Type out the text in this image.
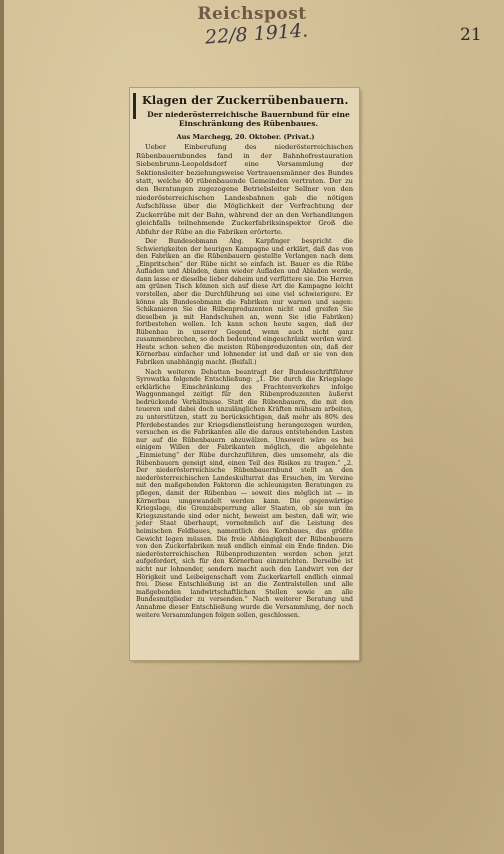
Reichspost
22/8 1914.	21
Klagen der Zuckerrübenbauern.
Der niederösterreichische Bauernbund für eine Einschränkung des Rübenbaues.
Aus Marchegg, 20. Oktober. (Privat.)

Ueber Einberufung des niederösterreichischen Rübenbauernbundes fand in der Bahnhofrestauration Siebenbrunn-Leopoldsdorf eine Versammlung der Sektionsleiter beziehungsweise Vertrauensmänner des Bundes statt, welche 40 rübenbauende Gemeinden vertraten. Der zu den Beratungen zugezogene Betriebsleiter Sellner von den niederösterreichischen Landesbahnen gab die nötigen Aufschlüsse über die Möglichkeit der Verfrachtung der Zuckerrübe mit der Bahn, während der an den Verhandlungen gleichfalls teilnehmende Zuckerfabriksinspektor Groß die Abfuhr der Rübe an die Fabriken erörterte.

Der Bundesobmann Abg. Karpfinger bespricht die Schwierigkeiten der heurigen Kampagne und erklärt, daß das von den Fabriken an die Rübenbauern gestellte Verlangen nach dem „Einpritschen“ der Rübe nicht so einfach ist. Bauer es die Rübe Aufladen und Abladen, dann wieder Aufladen und Abladen werde, dann lasse er dieselbe lieber daheim und verfüttere sie. Die Herren am grünen Tisch können sich auf diese Art die Kampagne leicht vorstellen, aber die Durchführung sei eine viel schwierigere. Er könne als Bundesobmann die Fabriken nur warnen und sagen: Schikanieren Sie die Rübenproduzenten nicht und greifen Sie dieselben ja mit Handschuhen an, wenn Sie (die Fabriken) fortbestehen wollen. Ich kann schon heute sagen, daß der Rübenbau in unserer Gegend, wenn auch nicht ganz zusammenbrechen, so doch bedeutend eingeschränkt werden wird. Heute schon sehen die meisten Rübenproduzenten ein, daß der Körnerbau einfacher und lohnender ist und daß er sie von den Fabriken unabhängig macht. (Beifall.)

Nach weiteren Debatten beantragt der Bundesschriftführer Syrowatka folgende Entschließung: „1. Die durch die Kriegslage erklärliche Einschränkung des Frachtenverkehrs infolge Waggonmangel zeitigt für den Rübenproduzenten äußerst bedrückende Verhältnisse. Statt die Rübenbauern, die mit den teueren und dabei doch unzulänglichen Kräften mühsam arbeiten, zu unterstützen, statt zu berücksichtigen, daß mehr als 80% des Pferdebestandes zur Kriegsdienstleistung herangezogen wurden, versuchen es die Fabrikanten alle die daraus entstehenden Lasten nur auf die Rübenbauern abzuwälzen. Unsoweit wäre es bei einigem Willen der Fabrikanten möglich, die abgelehnte „Einmietung“ der Rübe durchzuführen, dies umsomehr, als die Rübenbauern geneigt sind, einen Teil des Risikos zu tragen.“ „2. Der niederösterreichische Rübenbauernbund stellt an den niederösterreichischen Landeskulturrat das Ersuchen, im Vereine mit den maßgebenden Faktoren die schleunigsten Beratungen zu pflegen, damit der Rübenbau — soweit dies möglich ist — in Körnerbau umgewandelt werden kann. Die gegenwärtige Kriegslage, die Grenzabsperrung aller Staaten, ob sie nun im Kriegszustande sind oder nicht, beweist am besten, daß wir, wie jeder Staat überhaupt, vornehmlich auf die Leistung des heimischen Feldbaues, namentlich des Kornbaues, das größte Gewicht legen müssen. Die freie Abhängigkeit der Rübenbauern von den Zuckerfabriken muß endlich einmal ein Ende finden. Die niederösterreichischen Rübenproduzenten werden schon jetzt aufgefordert, sich für den Körnerbau einzurichten. Derselbe ist nicht nur lohnender, sondern macht auch den Landwirt von der Hörigkeit und Leibeigenschaft vom Zuckerkartell endlich einmal frei. Diese Entschließung ist an die Zentralstellen und alle maßgebenden landwirtschaftlichen Stellen sowie an alle Bundesmitglieder zu versenden.“ Nach weiterer Beratung und Annahme dieser Entschließung wurde die Versammlung, der noch weitere Versammlungen folgen sollen, geschlossen.
